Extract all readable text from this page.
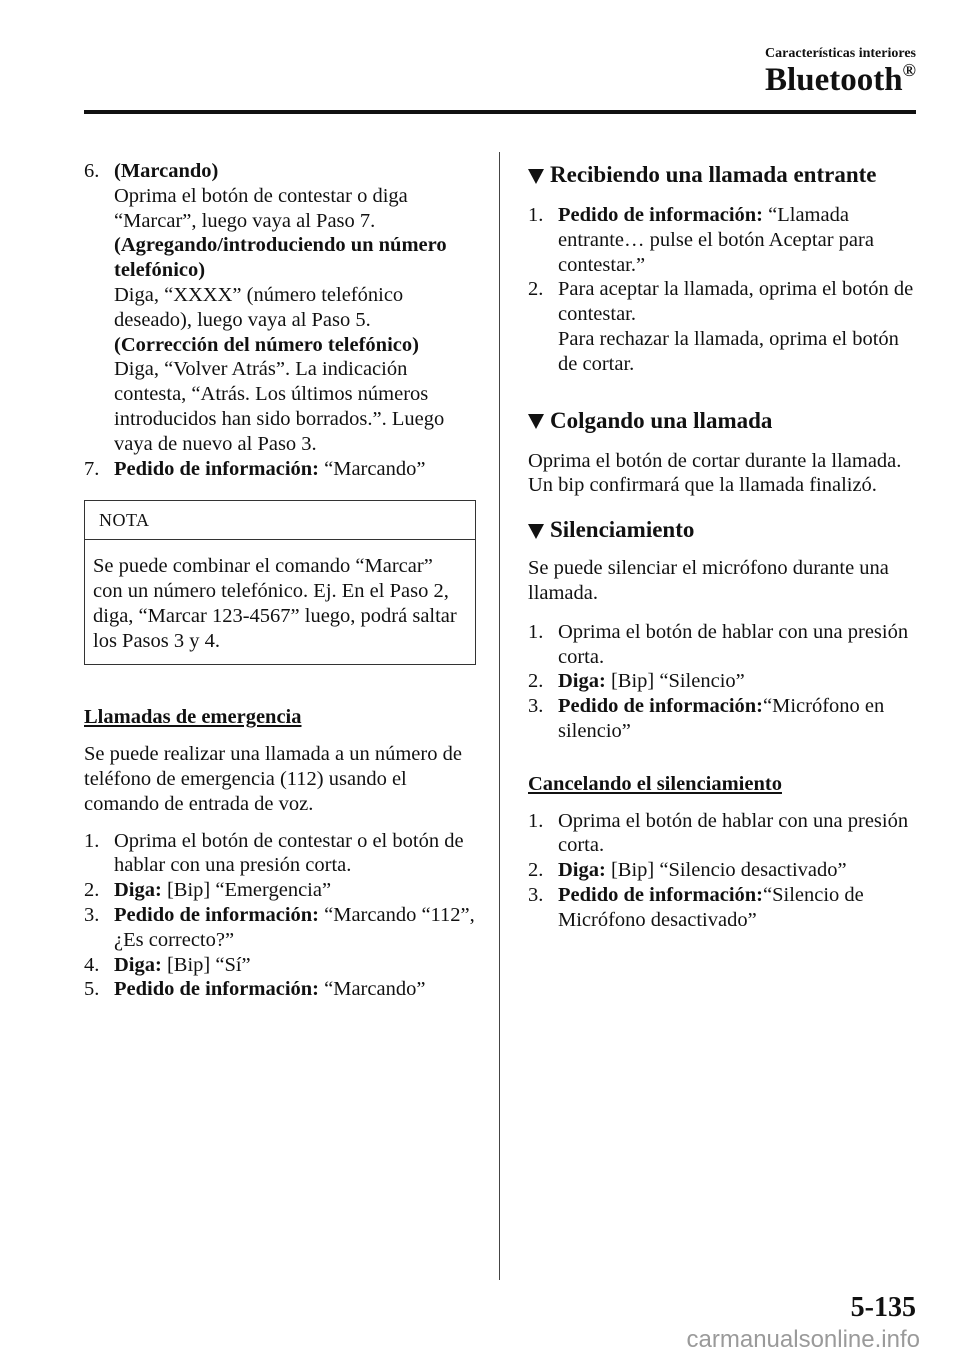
Características interiores
Bluetooth®
6. (Marcando)

Oprima el botón de contestar o diga “Marcar”, luego vaya al Paso 7.

(Agregando/introduciendo un número telefónico)

Diga, “XXXX” (número telefónico deseado), luego vaya al Paso 5.

(Corrección del número telefónico)

Diga, “Volver Atrás”. La indicación contesta, “Atrás. Los últimos números introducidos han sido borrados.”. Luego vaya de nuevo al Paso 3.

7. Pedido de información: “Marcando”

NOTA
Se puede combinar el comando “Marcar” con un número telefónico. Ej. En el Paso 2, diga, “Marcar 123-4567” luego, podrá saltar los Pasos 3 y 4.

Llamadas de emergencia

Se puede realizar una llamada a un número de teléfono de emergencia (112) usando el comando de entrada de voz.

1. Oprima el botón de contestar o el botón de hablar con una presión corta.

2. Diga: [Bip] “Emergencia”

3. Pedido de información: “Marcando “112”, ¿Es correcto?”

4. Diga: [Bip] “Sí”

5. Pedido de información: “Marcando”

Recibiendo una llamada entrante
1. Pedido de información: “Llamada entrante… pulse el botón Aceptar para contestar.”

2. Para aceptar la llamada, oprima el botón de contestar.

Para rechazar la llamada, oprima el botón de cortar.

Colgando una llamada

Oprima el botón de cortar durante la llamada. Un bip confirmará que la llamada finalizó.

Silenciamiento

Se puede silenciar el micrófono durante una llamada.

1. Oprima el botón de hablar con una presión corta.

2. Diga: [Bip] “Silencio”

3. Pedido de información:“Micrófono en silencio”

Cancelando el silenciamiento

1. Oprima el botón de hablar con una presión corta.

2. Diga: [Bip] “Silencio desactivado”

3. Pedido de información:“Silencio de Micrófono desactivado”

5-135
carmanualsonline.info
